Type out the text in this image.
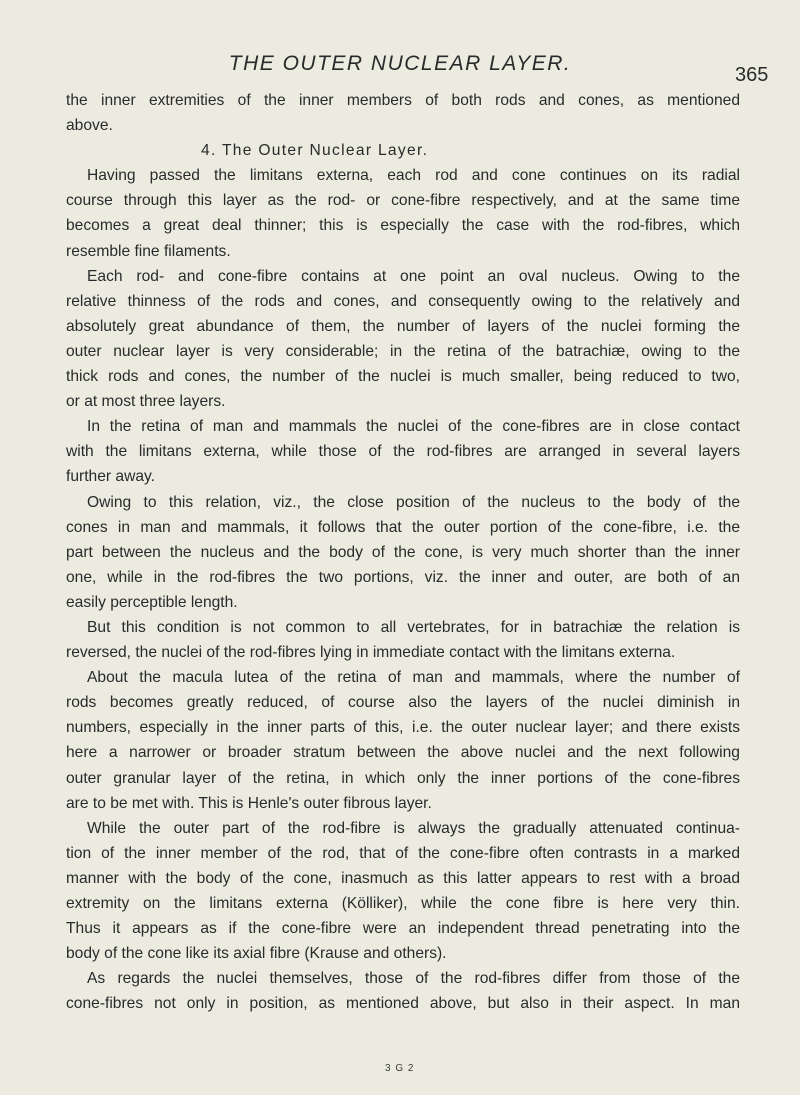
THE OUTER NUCLEAR LAYER.	365
the inner extremities of the inner members of both rods and cones, as mentioned
above.
4. The Outer Nuclear Layer.
Having passed the limitans externa, each rod and cone continues on its radial
course through this layer as the rod- or cone-fibre respectively, and at the same time
becomes a great deal thinner; this is especially the case with the rod-fibres, which
resemble fine filaments.
Each rod- and cone-fibre contains at one point an oval nucleus. Owing to the
relative thinness of the rods and cones, and consequently owing to the relatively and
absolutely great abundance of them, the number of layers of the nuclei forming the
outer nuclear layer is very considerable; in the retina of the batrachiæ, owing to the
thick rods and cones, the number of the nuclei is much smaller, being reduced to two,
or at most three layers.
In the retina of man and mammals the nuclei of the cone-fibres are in close contact
with the limitans externa, while those of the rod-fibres are arranged in several layers
further away.
Owing to this relation, viz., the close position of the nucleus to the body of the
cones in man and mammals, it follows that the outer portion of the cone-fibre, i.e. the
part between the nucleus and the body of the cone, is very much shorter than the inner
one, while in the rod-fibres the two portions, viz. the inner and outer, are both of an
easily perceptible length.
But this condition is not common to all vertebrates, for in batrachiæ the relation is
reversed, the nuclei of the rod-fibres lying in immediate contact with the limitans externa.
About the macula lutea of the retina of man and mammals, where the number of
rods becomes greatly reduced, of course also the layers of the nuclei diminish in
numbers, especially in the inner parts of this, i.e. the outer nuclear layer; and there exists
here a narrower or broader stratum between the above nuclei and the next following
outer granular layer of the retina, in which only the inner portions of the cone-fibres
are to be met with. This is Henle's outer fibrous layer.
While the outer part of the rod-fibre is always the gradually attenuated continua-
tion of the inner member of the rod, that of the cone-fibre often contrasts in a marked
manner with the body of the cone, inasmuch as this latter appears to rest with a broad
extremity on the limitans externa (Kölliker), while the cone fibre is here very thin.
Thus it appears as if the cone-fibre were an independent thread penetrating into the
body of the cone like its axial fibre (Krause and others).
As regards the nuclei themselves, those of the rod-fibres differ from those of the
cone-fibres not only in position, as mentioned above, but also in their aspect. In man
3 G 2
